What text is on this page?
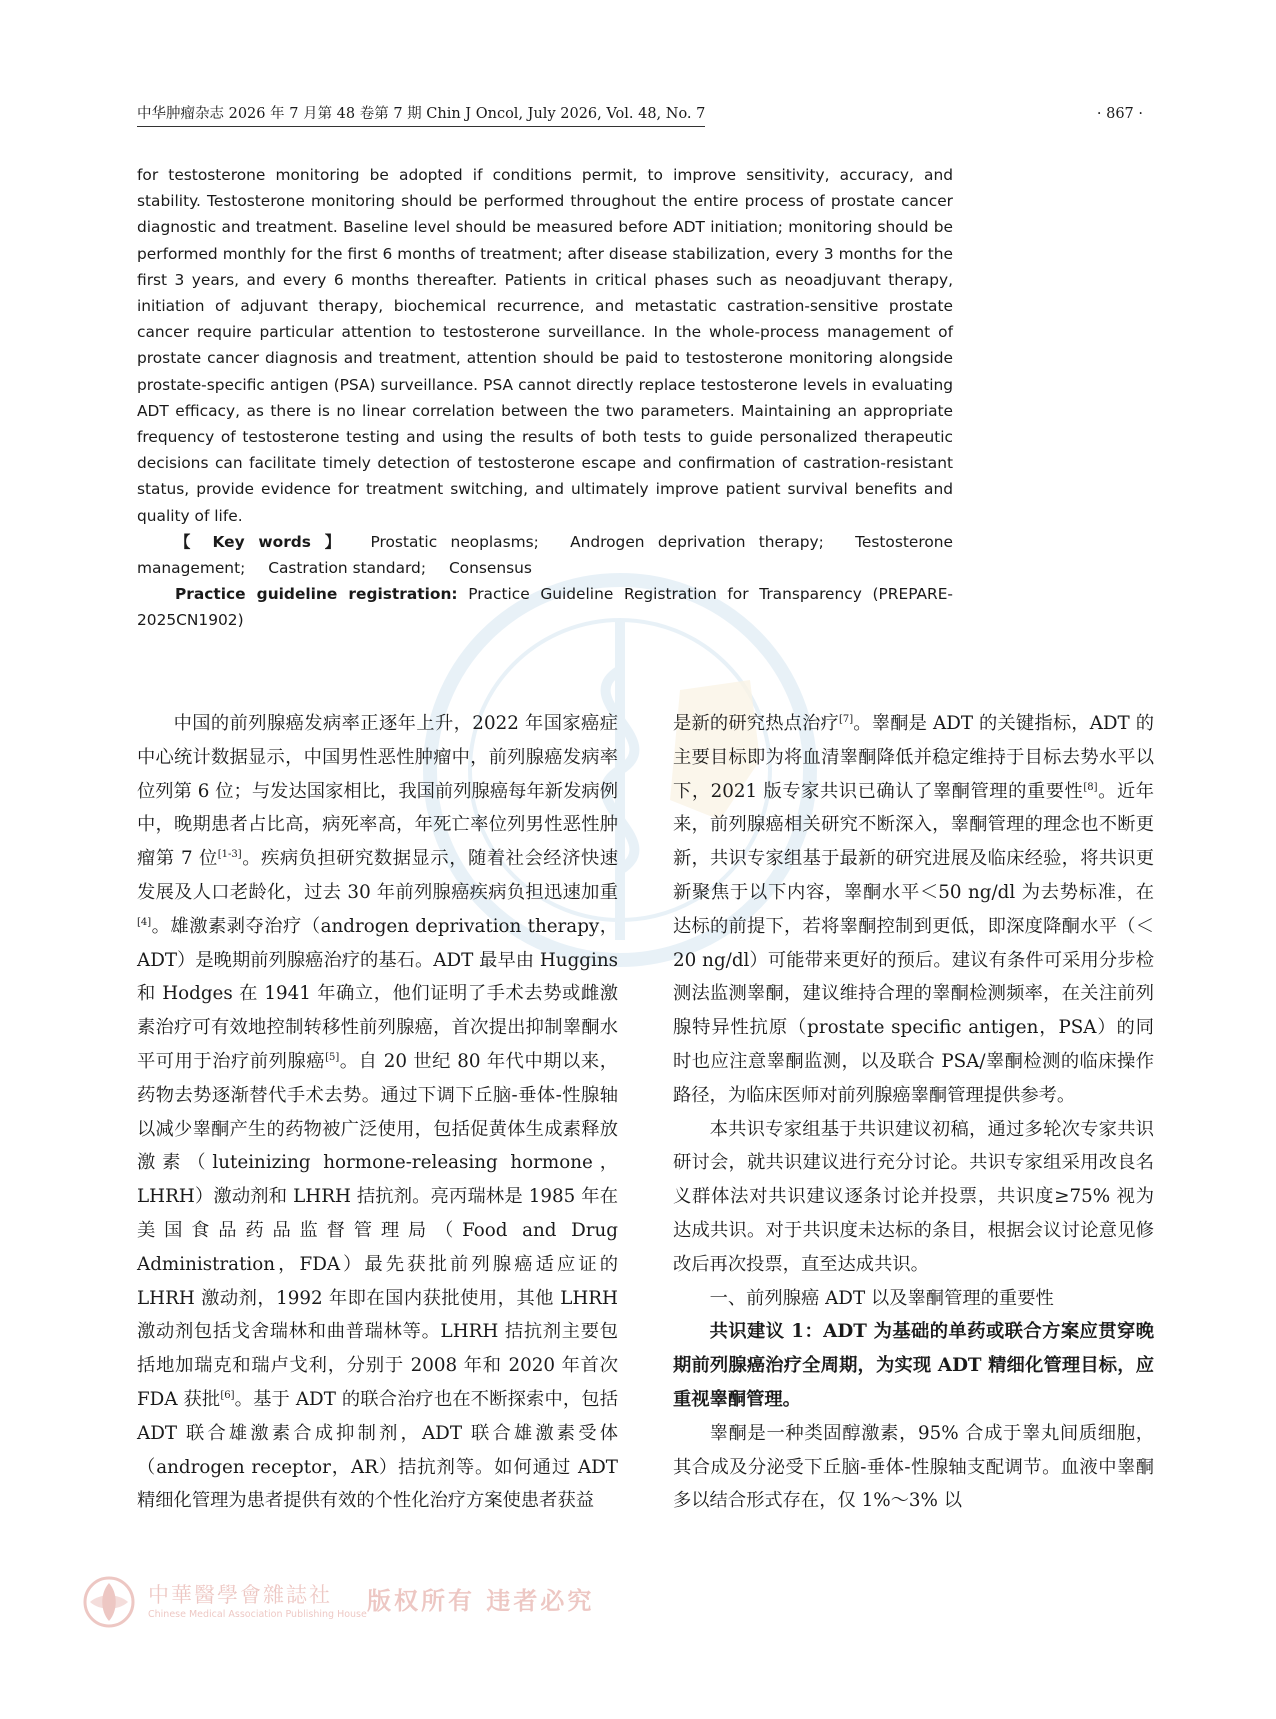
中华肿瘤杂志 2026 年 7 月第 48 卷第 7 期 Chin J Oncol, July 2026, Vol. 48, No. 7	· 867 ·

for testosterone monitoring be adopted if conditions permit, to improve sensitivity, accuracy, and stability. Testosterone monitoring should be performed throughout the entire process of prostate cancer diagnostic and treatment. Baseline level should be measured before ADT initiation; monitoring should be performed monthly for the first 6 months of treatment; after disease stabilization, every 3 months for the first 3 years, and every 6 months thereafter. Patients in critical phases such as neoadjuvant therapy, initiation of adjuvant therapy, biochemical recurrence, and metastatic castration-sensitive prostate cancer require particular attention to testosterone surveillance. In the whole-process management of prostate cancer diagnosis and treatment, attention should be paid to testosterone monitoring alongside prostate-specific antigen (PSA) surveillance. PSA cannot directly replace testosterone levels in evaluating ADT efficacy, as there is no linear correlation between the two parameters. Maintaining an appropriate frequency of testosterone testing and using the results of both tests to guide personalized therapeutic decisions can facilitate timely detection of testosterone escape and confirmation of castration-resistant status, provide evidence for treatment switching, and ultimately improve patient survival benefits and quality of life.

【 Key words 】 Prostatic neoplasms; Androgen deprivation therapy; Testosterone management; Castration standard; Consensus

Practice guideline registration: Practice Guideline Registration for Transparency (PREPARE-2025CN1902)

中国的前列腺癌发病率正逐年上升，2022 年国家癌症中心统计数据显示，中国男性恶性肿瘤中，前列腺癌发病率位列第 6 位；与发达国家相比，我国前列腺癌每年新发病例中，晚期患者占比高，病死率高，年死亡率位列男性恶性肿瘤第 7 位[1-3]。疾病负担研究数据显示，随着社会经济快速发展及人口老龄化，过去 30 年前列腺癌疾病负担迅速加重[4]。雄激素剥夺治疗（androgen deprivation therapy，ADT）是晚期前列腺癌治疗的基石。ADT 最早由 Huggins 和 Hodges 在 1941 年确立，他们证明了手术去势或雌激素治疗可有效地控制转移性前列腺癌，首次提出抑制睾酮水平可用于治疗前列腺癌[5]。自 20 世纪 80 年代中期以来，药物去势逐渐替代手术去势。通过下调下丘脑-垂体-性腺轴以减少睾酮产生的药物被广泛使用，包括促黄体生成素释放激素（luteinizing hormone-releasing hormone，LHRH）激动剂和 LHRH 拮抗剂。亮丙瑞林是 1985 年在美国食品药品监督管理局（Food and Drug Administration，FDA）最先获批前列腺癌适应证的 LHRH 激动剂，1992 年即在国内获批使用，其他 LHRH 激动剂包括戈舍瑞林和曲普瑞林等。LHRH 拮抗剂主要包括地加瑞克和瑞卢戈利，分别于 2008 年和 2020 年首次 FDA 获批[6]。基于 ADT 的联合治疗也在不断探索中，包括 ADT 联合雄激素合成抑制剂，ADT 联合雄激素受体（androgen receptor，AR）拮抗剂等。如何通过 ADT 精细化管理为患者提供有效的个性化治疗方案使患者获益

是新的研究热点治疗[7]。睾酮是 ADT 的关键指标，ADT 的主要目标即为将血清睾酮降低并稳定维持于目标去势水平以下，2021 版专家共识已确认了睾酮管理的重要性[8]。近年来，前列腺癌相关研究不断深入，睾酮管理的理念也不断更新，共识专家组基于最新的研究进展及临床经验，将共识更新聚焦于以下内容，睾酮水平＜50 ng/dl 为去势标准，在达标的前提下，若将睾酮控制到更低，即深度降酮水平（＜20 ng/dl）可能带来更好的预后。建议有条件可采用分步检测法监测睾酮，建议维持合理的睾酮检测频率，在关注前列腺特异性抗原（prostate specific antigen，PSA）的同时也应注意睾酮监测，以及联合 PSA/睾酮检测的临床操作路径，为临床医师对前列腺癌睾酮管理提供参考。

本共识专家组基于共识建议初稿，通过多轮次专家共识研讨会，就共识建议进行充分讨论。共识专家组采用改良名义群体法对共识建议逐条讨论并投票，共识度≥75% 视为达成共识。对于共识度未达标的条目，根据会议讨论意见修改后再次投票，直至达成共识。

一、前列腺癌 ADT 以及睾酮管理的重要性

共识建议 1：ADT 为基础的单药或联合方案应贯穿晚期前列腺癌治疗全周期，为实现 ADT 精细化管理目标，应重视睾酮管理。

睾酮是一种类固醇激素，95% 合成于睾丸间质细胞，其合成及分泌受下丘脑-垂体-性腺轴支配调节。血液中睾酮多以结合形式存在，仅 1%～3% 以

中華醫學會雜誌社
Chinese Medical Association Publishing House 版权所有 违者必究
